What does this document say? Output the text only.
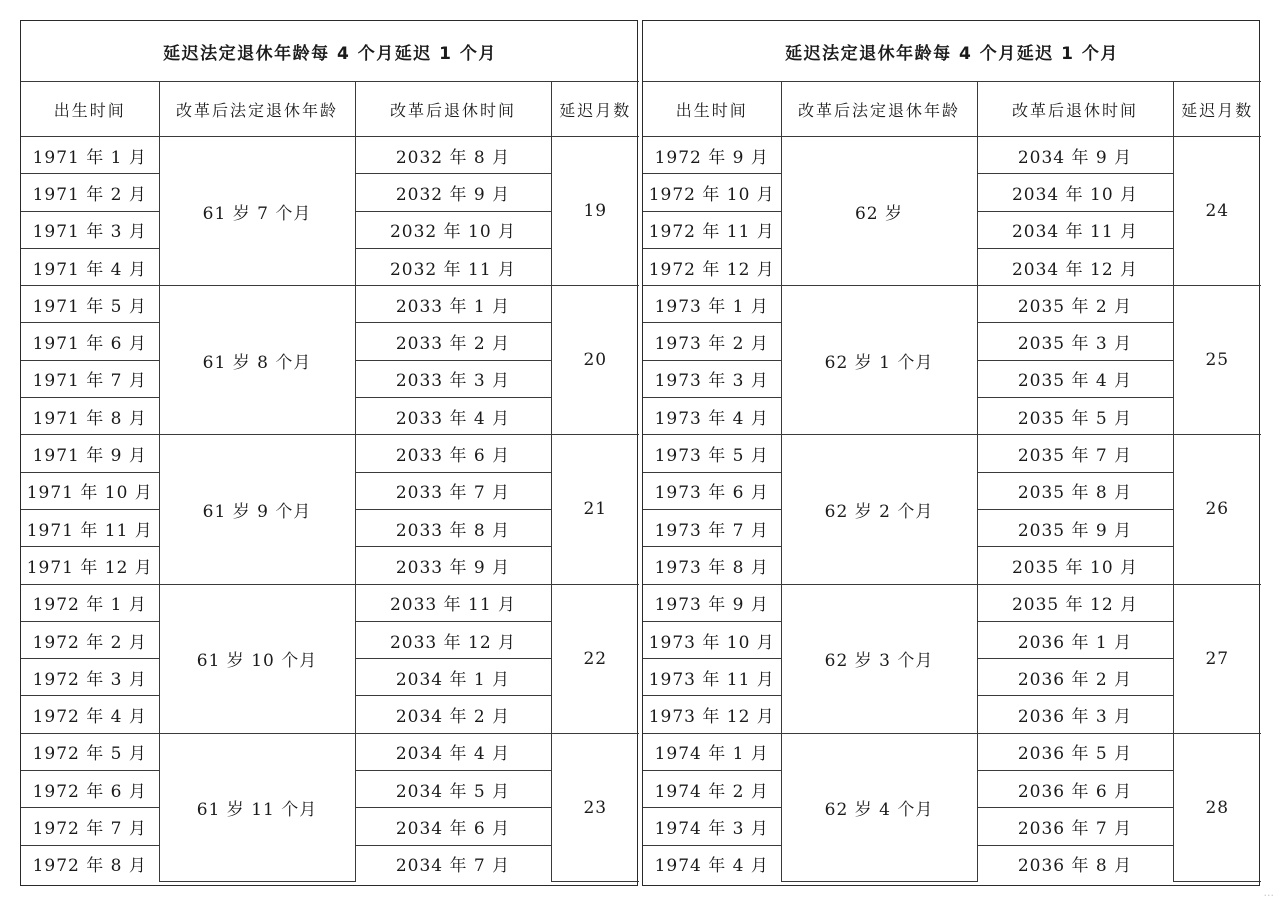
延迟法定退休年龄每 4 个月延迟 1 个月			
出生时间	改革后法定退休年龄	改革后退休时间	延迟月数
1971 年 1 月	61 岁 7 个月	2032 年 8 月	19
1971 年 2 月		2032 年 9 月	
1971 年 3 月		2032 年 10 月	
1971 年 4 月		2032 年 11 月	
1971 年 5 月	61 岁 8 个月	2033 年 1 月	20
1971 年 6 月		2033 年 2 月	
1971 年 7 月		2033 年 3 月	
1971 年 8 月		2033 年 4 月	
1971 年 9 月	61 岁 9 个月	2033 年 6 月	21
1971 年 10 月		2033 年 7 月	
1971 年 11 月		2033 年 8 月	
1971 年 12 月		2033 年 9 月	
1972 年 1 月	61 岁 10 个月	2033 年 11 月	22
1972 年 2 月		2033 年 12 月	
1972 年 3 月		2034 年 1 月	
1972 年 4 月		2034 年 2 月	
1972 年 5 月	61 岁 11 个月	2034 年 4 月	23
1972 年 6 月		2034 年 5 月	
1972 年 7 月		2034 年 6 月	
1972 年 8 月		2034 年 7 月	
延迟法定退休年龄每 4 个月延迟 1 个月			
出生时间	改革后法定退休年龄	改革后退休时间	延迟月数
1972 年 9 月	62 岁	2034 年 9 月	24
1972 年 10 月		2034 年 10 月	
1972 年 11 月		2034 年 11 月	
1972 年 12 月		2034 年 12 月	
1973 年 1 月	62 岁 1 个月	2035 年 2 月	25
1973 年 2 月		2035 年 3 月	
1973 年 3 月		2035 年 4 月	
1973 年 4 月		2035 年 5 月	
1973 年 5 月	62 岁 2 个月	2035 年 7 月	26
1973 年 6 月		2035 年 8 月	
1973 年 7 月		2035 年 9 月	
1973 年 8 月		2035 年 10 月	
1973 年 9 月	62 岁 3 个月	2035 年 12 月	27
1973 年 10 月		2036 年 1 月	
1973 年 11 月		2036 年 2 月	
1973 年 12 月		2036 年 3 月	
1974 年 1 月	62 岁 4 个月	2036 年 5 月	28
1974 年 2 月		2036 年 6 月	
1974 年 3 月		2036 年 7 月	
1974 年 4 月		2036 年 8 月	
...
